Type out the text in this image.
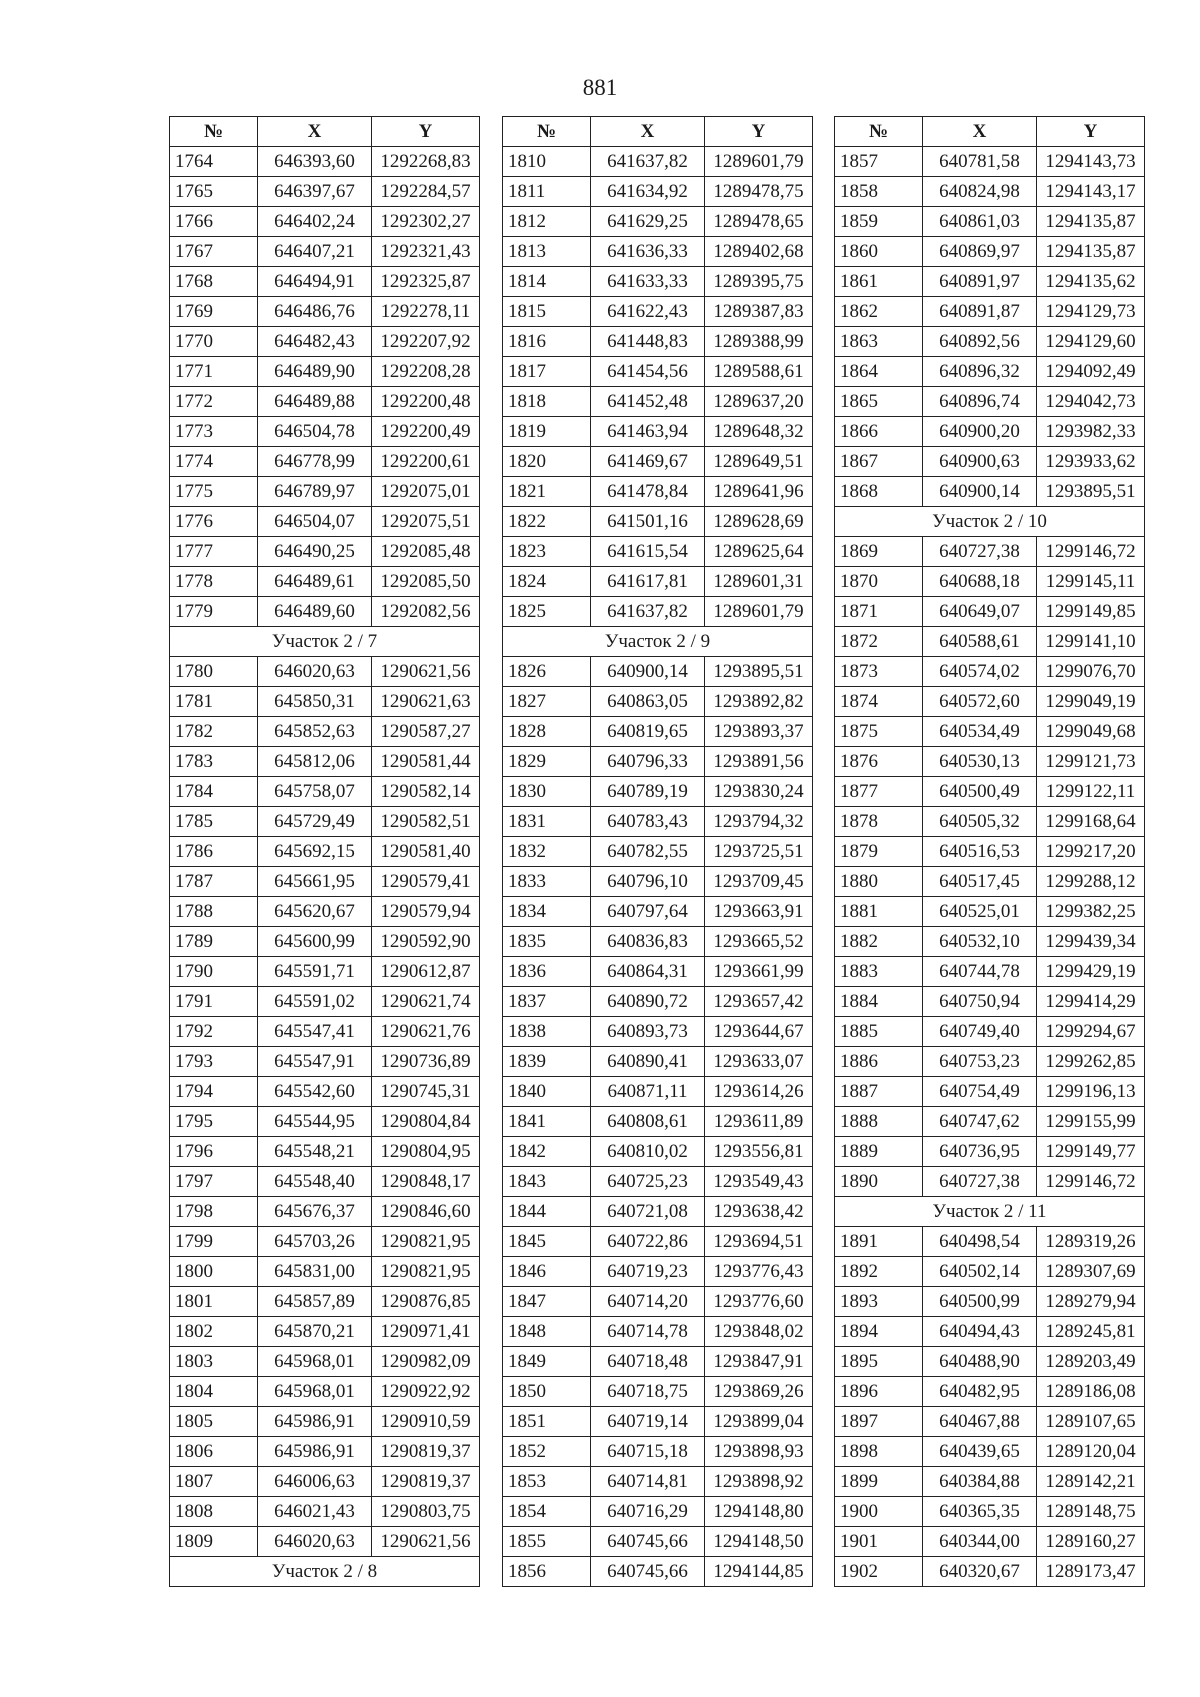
881
№	X	Y
1764	646393,60	1292268,83
1765	646397,67	1292284,57
1766	646402,24	1292302,27
1767	646407,21	1292321,43
1768	646494,91	1292325,87
1769	646486,76	1292278,11
1770	646482,43	1292207,92
1771	646489,90	1292208,28
1772	646489,88	1292200,48
1773	646504,78	1292200,49
1774	646778,99	1292200,61
1775	646789,97	1292075,01
1776	646504,07	1292075,51
1777	646490,25	1292085,48
1778	646489,61	1292085,50
1779	646489,60	1292082,56
Участок 2 / 7		
1780	646020,63	1290621,56
1781	645850,31	1290621,63
1782	645852,63	1290587,27
1783	645812,06	1290581,44
1784	645758,07	1290582,14
1785	645729,49	1290582,51
1786	645692,15	1290581,40
1787	645661,95	1290579,41
1788	645620,67	1290579,94
1789	645600,99	1290592,90
1790	645591,71	1290612,87
1791	645591,02	1290621,74
1792	645547,41	1290621,76
1793	645547,91	1290736,89
1794	645542,60	1290745,31
1795	645544,95	1290804,84
1796	645548,21	1290804,95
1797	645548,40	1290848,17
1798	645676,37	1290846,60
1799	645703,26	1290821,95
1800	645831,00	1290821,95
1801	645857,89	1290876,85
1802	645870,21	1290971,41
1803	645968,01	1290982,09
1804	645968,01	1290922,92
1805	645986,91	1290910,59
1806	645986,91	1290819,37
1807	646006,63	1290819,37
1808	646021,43	1290803,75
1809	646020,63	1290621,56
Участок 2 / 8		
№	X	Y
1810	641637,82	1289601,79
1811	641634,92	1289478,75
1812	641629,25	1289478,65
1813	641636,33	1289402,68
1814	641633,33	1289395,75
1815	641622,43	1289387,83
1816	641448,83	1289388,99
1817	641454,56	1289588,61
1818	641452,48	1289637,20
1819	641463,94	1289648,32
1820	641469,67	1289649,51
1821	641478,84	1289641,96
1822	641501,16	1289628,69
1823	641615,54	1289625,64
1824	641617,81	1289601,31
1825	641637,82	1289601,79
Участок 2 / 9		
1826	640900,14	1293895,51
1827	640863,05	1293892,82
1828	640819,65	1293893,37
1829	640796,33	1293891,56
1830	640789,19	1293830,24
1831	640783,43	1293794,32
1832	640782,55	1293725,51
1833	640796,10	1293709,45
1834	640797,64	1293663,91
1835	640836,83	1293665,52
1836	640864,31	1293661,99
1837	640890,72	1293657,42
1838	640893,73	1293644,67
1839	640890,41	1293633,07
1840	640871,11	1293614,26
1841	640808,61	1293611,89
1842	640810,02	1293556,81
1843	640725,23	1293549,43
1844	640721,08	1293638,42
1845	640722,86	1293694,51
1846	640719,23	1293776,43
1847	640714,20	1293776,60
1848	640714,78	1293848,02
1849	640718,48	1293847,91
1850	640718,75	1293869,26
1851	640719,14	1293899,04
1852	640715,18	1293898,93
1853	640714,81	1293898,92
1854	640716,29	1294148,80
1855	640745,66	1294148,50
1856	640745,66	1294144,85
№	X	Y
1857	640781,58	1294143,73
1858	640824,98	1294143,17
1859	640861,03	1294135,87
1860	640869,97	1294135,87
1861	640891,97	1294135,62
1862	640891,87	1294129,73
1863	640892,56	1294129,60
1864	640896,32	1294092,49
1865	640896,74	1294042,73
1866	640900,20	1293982,33
1867	640900,63	1293933,62
1868	640900,14	1293895,51
Участок 2 / 10		
1869	640727,38	1299146,72
1870	640688,18	1299145,11
1871	640649,07	1299149,85
1872	640588,61	1299141,10
1873	640574,02	1299076,70
1874	640572,60	1299049,19
1875	640534,49	1299049,68
1876	640530,13	1299121,73
1877	640500,49	1299122,11
1878	640505,32	1299168,64
1879	640516,53	1299217,20
1880	640517,45	1299288,12
1881	640525,01	1299382,25
1882	640532,10	1299439,34
1883	640744,78	1299429,19
1884	640750,94	1299414,29
1885	640749,40	1299294,67
1886	640753,23	1299262,85
1887	640754,49	1299196,13
1888	640747,62	1299155,99
1889	640736,95	1299149,77
1890	640727,38	1299146,72
Участок 2 / 11		
1891	640498,54	1289319,26
1892	640502,14	1289307,69
1893	640500,99	1289279,94
1894	640494,43	1289245,81
1895	640488,90	1289203,49
1896	640482,95	1289186,08
1897	640467,88	1289107,65
1898	640439,65	1289120,04
1899	640384,88	1289142,21
1900	640365,35	1289148,75
1901	640344,00	1289160,27
1902	640320,67	1289173,47
